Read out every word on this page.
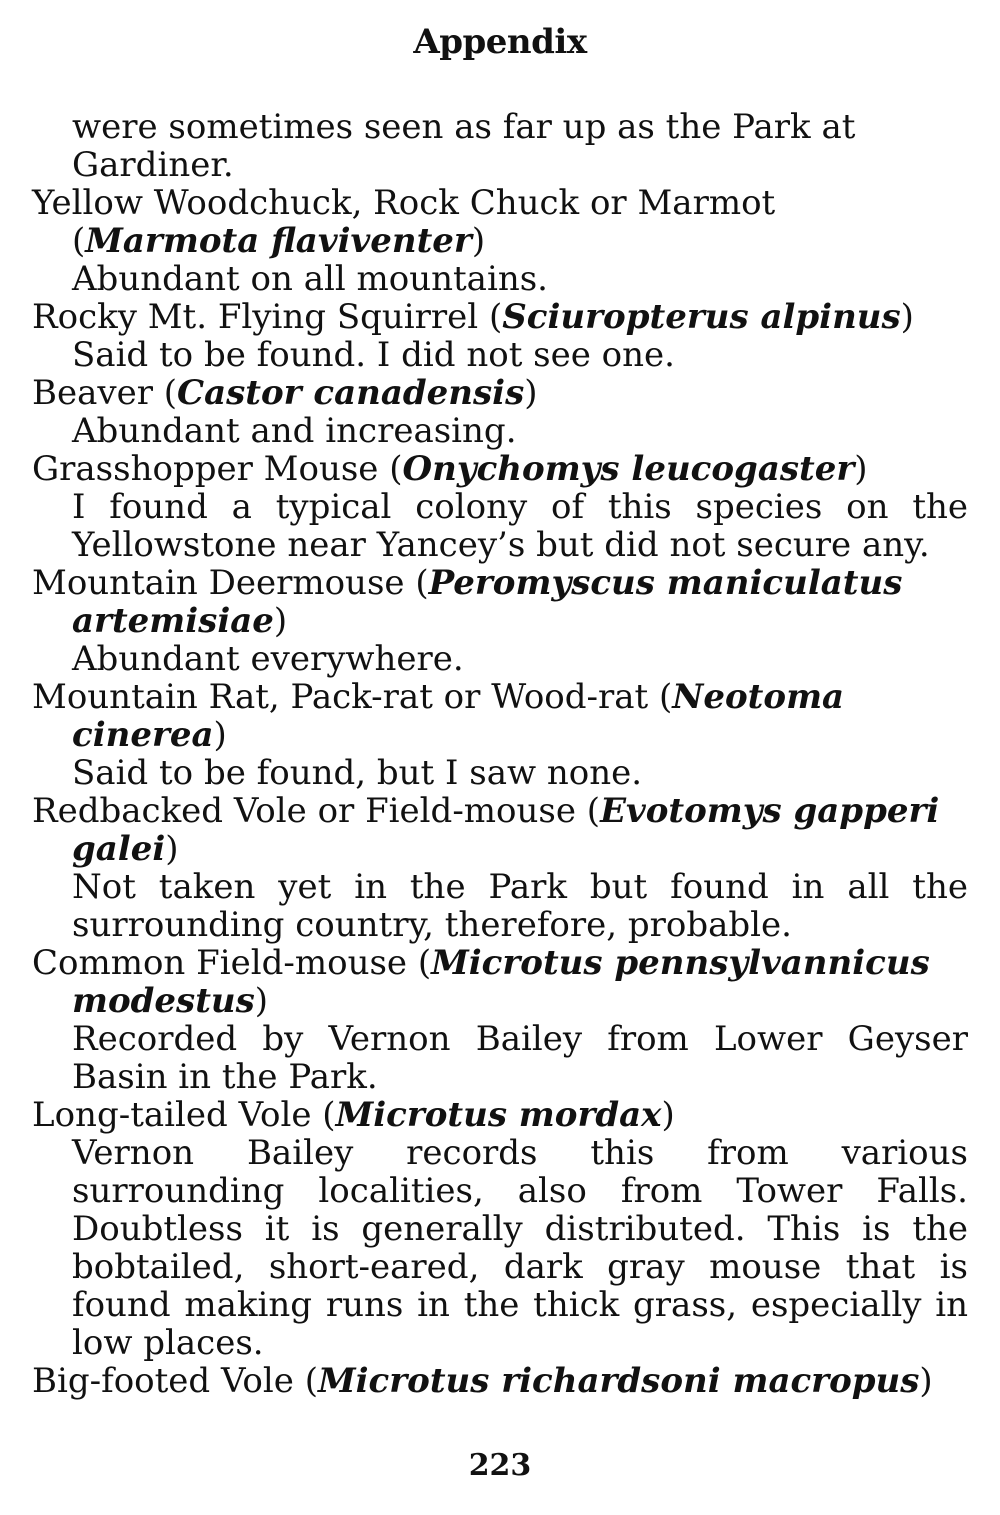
Appendix

were sometimes seen as far up as the Park at Gardiner.

Yellow Woodchuck, Rock Chuck or Marmot (Marmota flaviventer)

Abundant on all mountains.

Rocky Mt. Flying Squirrel (Sciuropterus alpinus)

Said to be found. I did not see one.

Beaver (Castor canadensis)

Abundant and increasing.

Grasshopper Mouse (Onychomys leucogaster)

I found a typical colony of this species on the Yellowstone near Yancey’s but did not secure any.

Mountain Deermouse (Peromyscus maniculatus artemisiae)

Abundant everywhere.

Mountain Rat, Pack-rat or Wood-rat (Neotoma cinerea)

Said to be found, but I saw none.

Redbacked Vole or Field-mouse (Evotomys gapperi galei)

Not taken yet in the Park but found in all the surrounding country, therefore, probable.

Common Field-mouse (Microtus pennsylvannicus modestus)

Recorded by Vernon Bailey from Lower Geyser Basin in the Park.

Long-tailed Vole (Microtus mordax)

Vernon Bailey records this from various surrounding localities, also from Tower Falls. Doubtless it is generally distributed. This is the bobtailed, short-eared, dark gray mouse that is found making runs in the thick grass, especially in low places.

Big-footed Vole (Microtus richardsoni macropus)

223
